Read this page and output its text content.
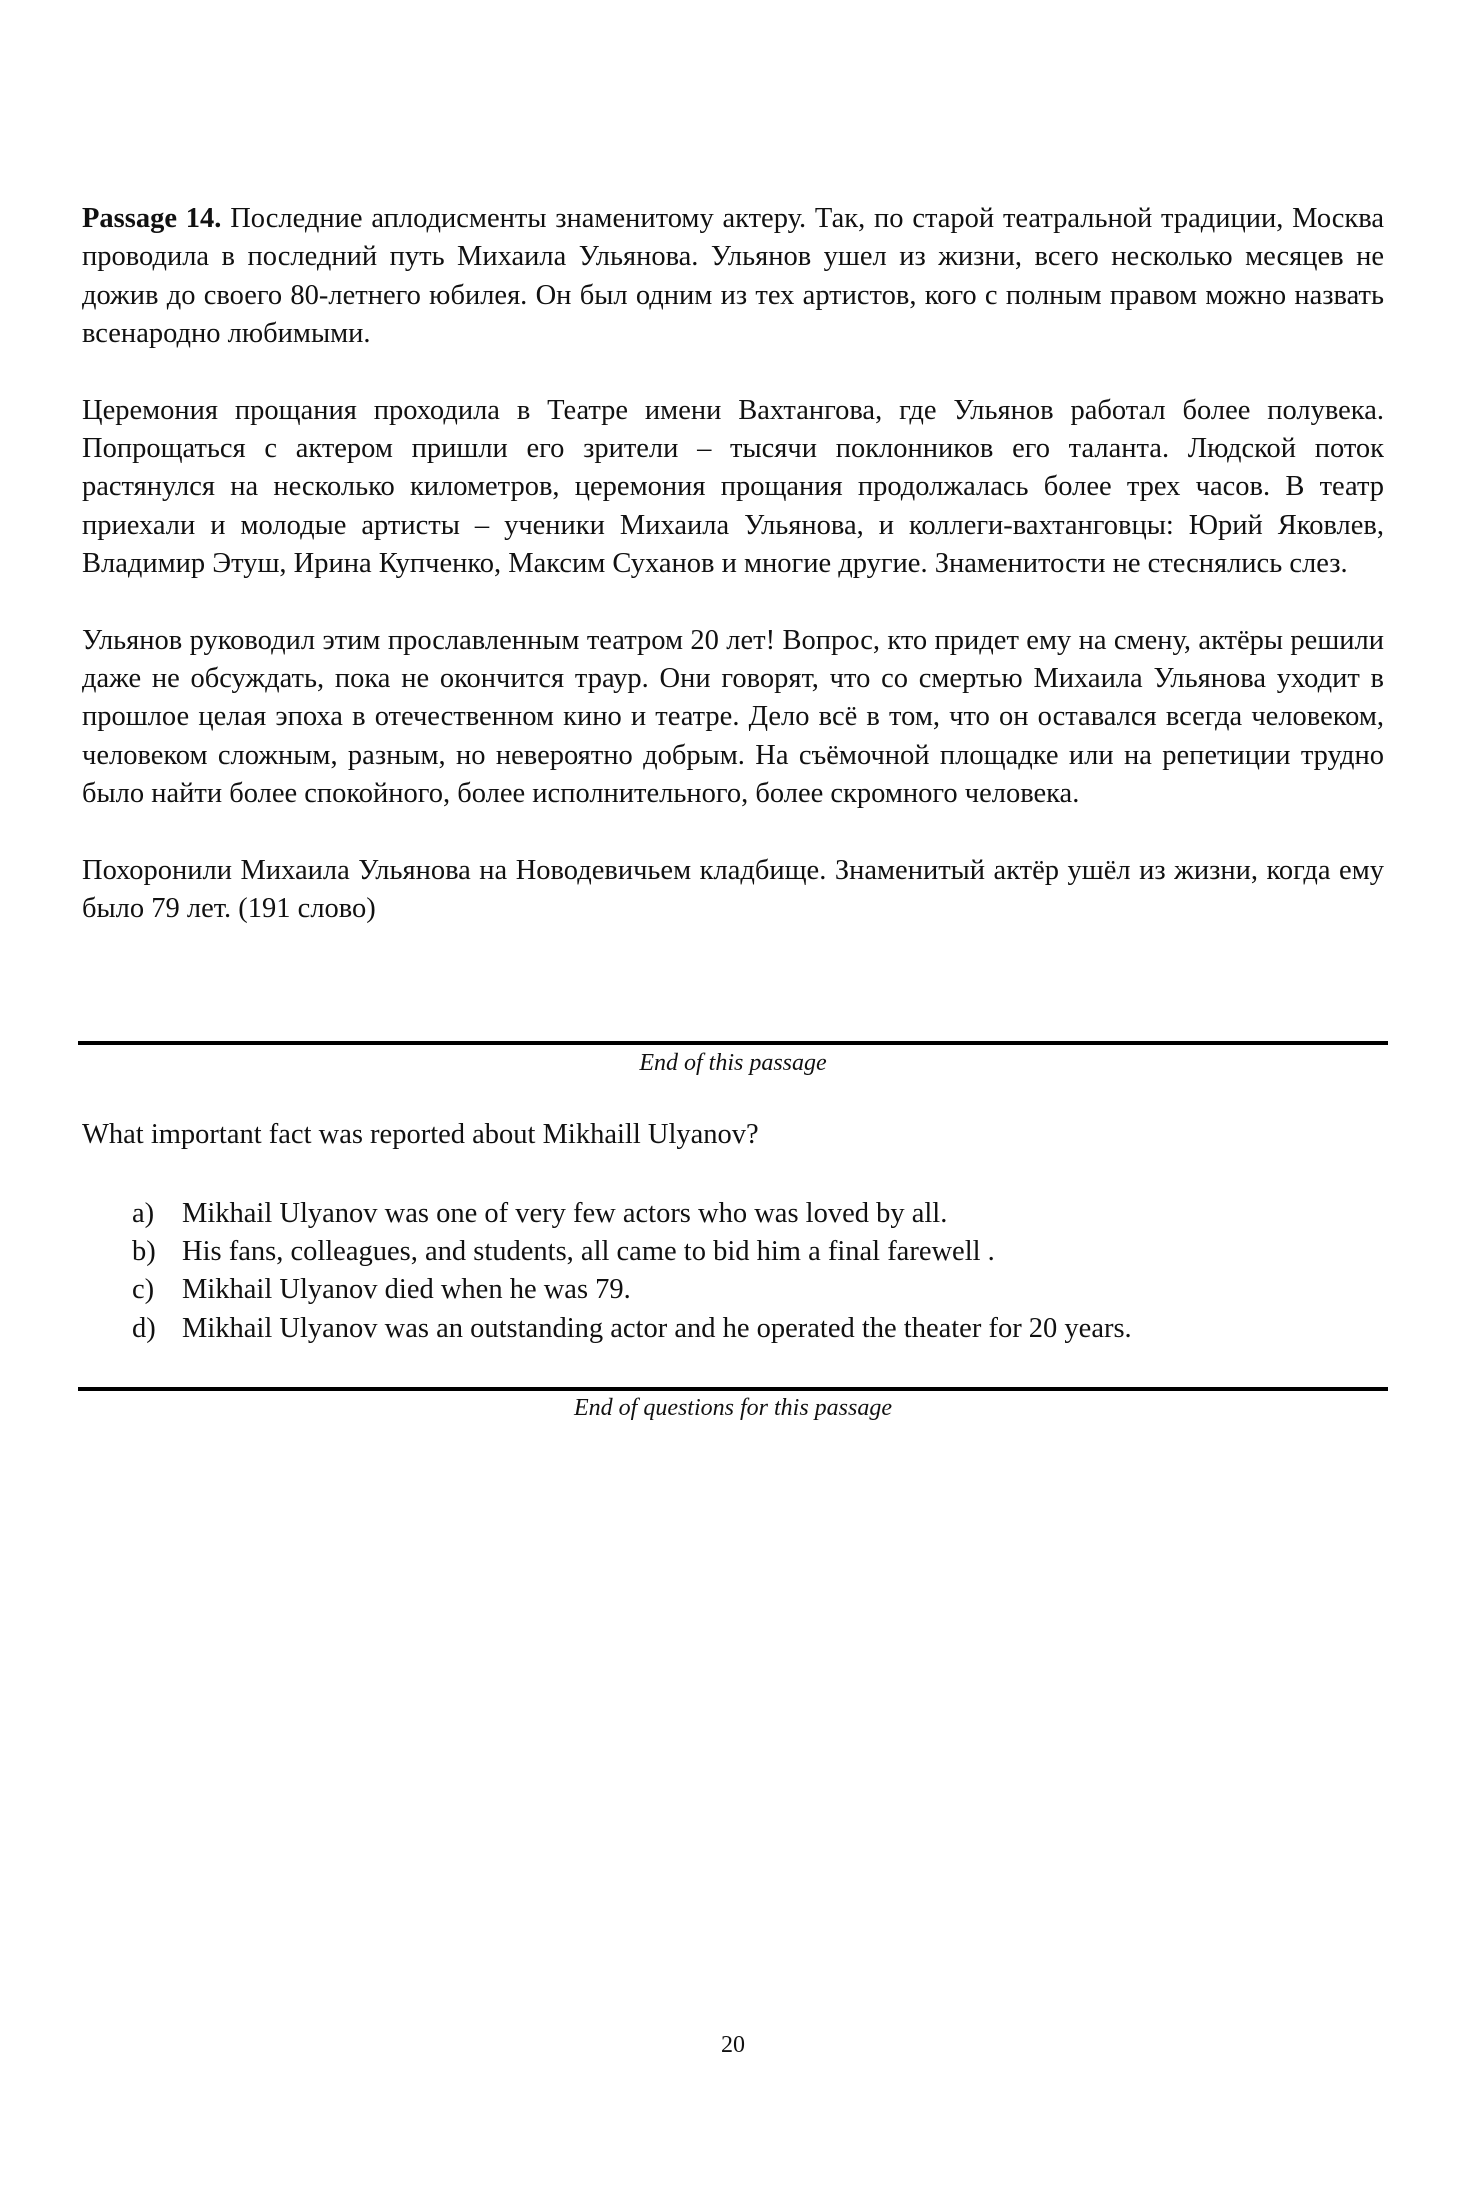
Passage 14. Последние аплодисменты знаменитому актеру. Так, по старой театральной традиции, Москва проводила в последний путь Михаила Ульянова. Ульянов ушел из жизни, всего несколько месяцев не дожив до своего 80-летнего юбилея. Он был одним из тех артистов, кого с полным правом можно назвать всенародно любимыми.

Церемония прощания проходила в Театре имени Вахтангова, где Ульянов работал более полувека. Попрощаться с актером пришли его зрители – тысячи поклонников его таланта. Людской поток растянулся на несколько километров, церемония прощания продолжалась более трех часов. В театр приехали и молодые артисты – ученики Михаила Ульянова, и коллеги-вахтанговцы: Юрий Яковлев, Владимир Этуш, Ирина Купченко, Максим Суханов и многие другие. Знаменитости не стеснялись слез.

Ульянов руководил этим прославленным театром 20 лет! Вопрос, кто придет ему на смену, актёры решили даже не обсуждать, пока не окончится траур. Они говорят, что со смертью Михаила Ульянова уходит в прошлое целая эпоха в отечественном кино и театре. Дело всё в том, что он оставался всегда человеком, человеком сложным, разным, но невероятно добрым. На съёмочной площадке или на репетиции трудно было найти более спокойного, более исполнительного, более скромного человека.

Похоронили Михаила Ульянова на Новодевичьем кладбище. Знаменитый актёр ушёл из жизни, когда ему было 79 лет. (191 слово)

End of this passage
What important fact was reported about Mikhaill Ulyanov?
a) Mikhail Ulyanov was one of very few actors who was loved by all.
b) His fans, colleagues, and students, all came to bid him a final farewell .
c) Mikhail Ulyanov died when he was 79.
d) Mikhail Ulyanov was an outstanding actor and he operated the theater for 20 years.
End of questions for this passage
20
